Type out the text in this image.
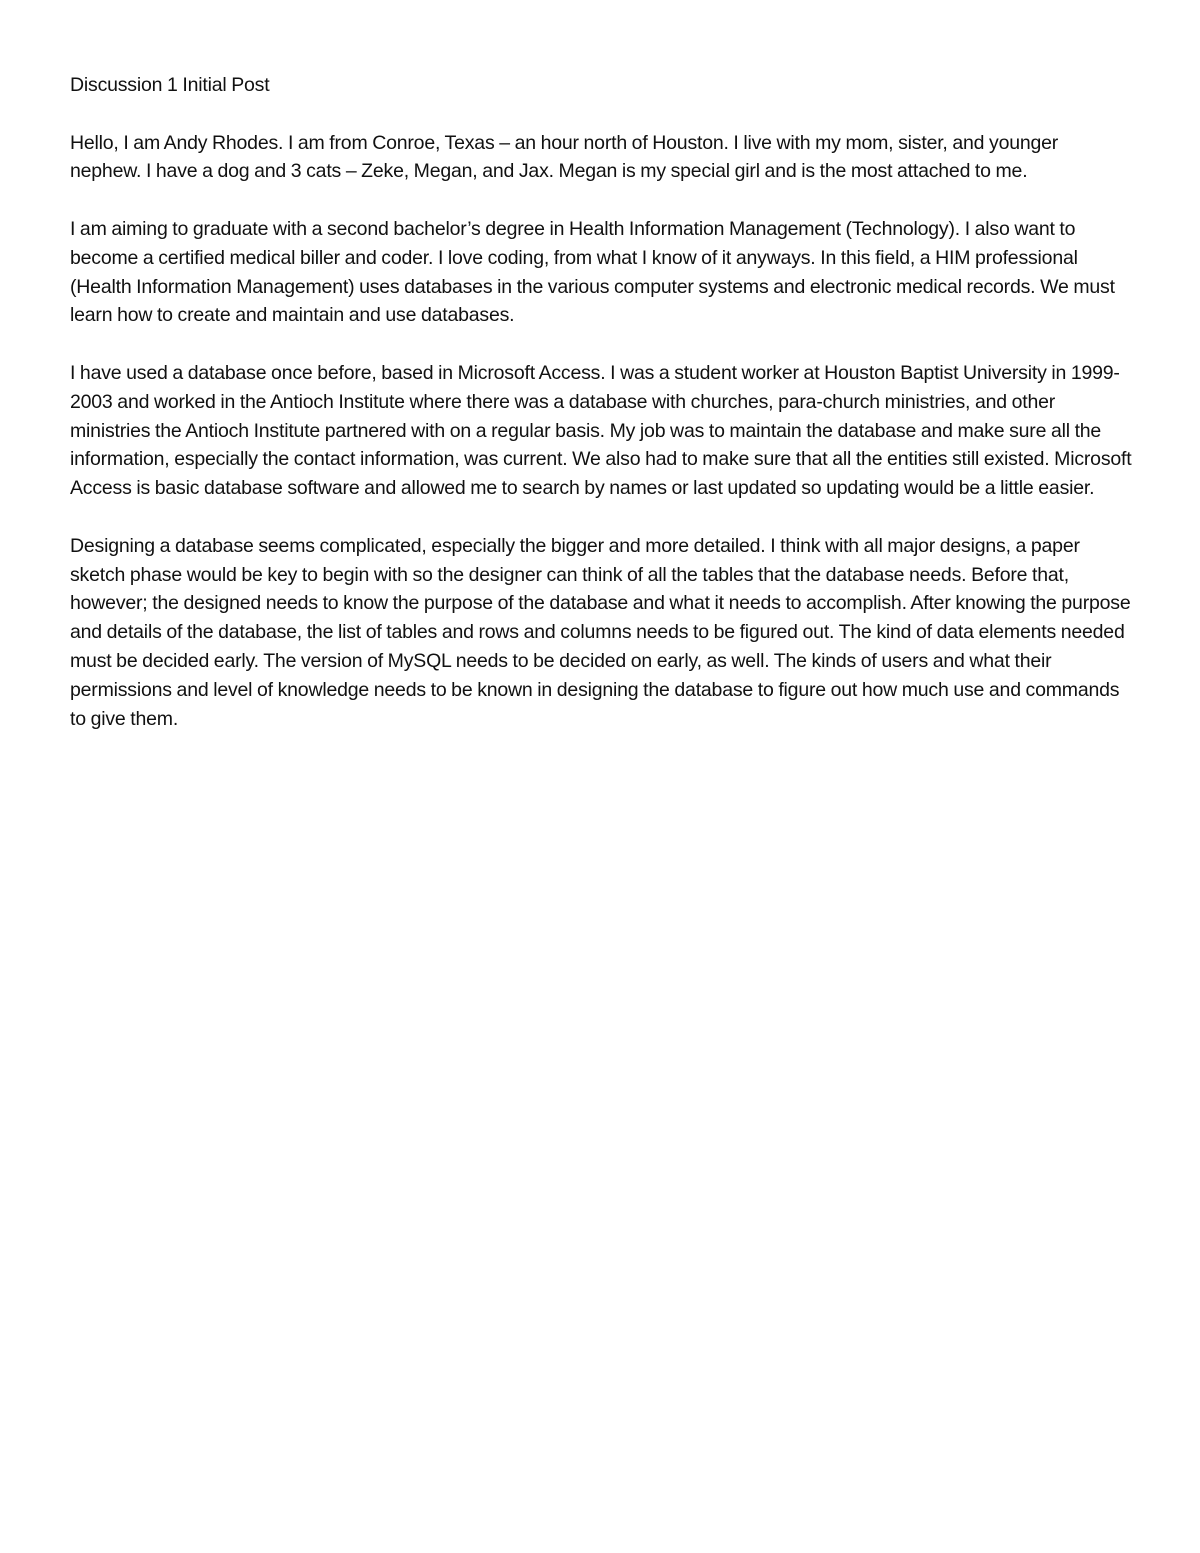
Discussion 1 Initial Post

Hello, I am Andy Rhodes. I am from Conroe, Texas – an hour north of Houston. I live with my mom, sister, and younger nephew. I have a dog and 3 cats – Zeke, Megan, and Jax. Megan is my special girl and is the most attached to me.

I am aiming to graduate with a second bachelor’s degree in Health Information Management (Technology). I also want to become a certified medical biller and coder. I love coding, from what I know of it anyways. In this field, a HIM professional (Health Information Management) uses databases in the various computer systems and electronic medical records. We must learn how to create and maintain and use databases.

I have used a database once before, based in Microsoft Access. I was a student worker at Houston Baptist University in 1999-2003 and worked in the Antioch Institute where there was a database with churches, para-church ministries, and other ministries the Antioch Institute partnered with on a regular basis. My job was to maintain the database and make sure all the information, especially the contact information, was current. We also had to make sure that all the entities still existed. Microsoft Access is basic database software and allowed me to search by names or last updated so updating would be a little easier.

Designing a database seems complicated, especially the bigger and more detailed. I think with all major designs, a paper sketch phase would be key to begin with so the designer can think of all the tables that the database needs. Before that, however; the designed needs to know the purpose of the database and what it needs to accomplish. After knowing the purpose and details of the database, the list of tables and rows and columns needs to be figured out. The kind of data elements needed must be decided early. The version of MySQL needs to be decided on early, as well. The kinds of users and what their permissions and level of knowledge needs to be known in designing the database to figure out how much use and commands to give them.
